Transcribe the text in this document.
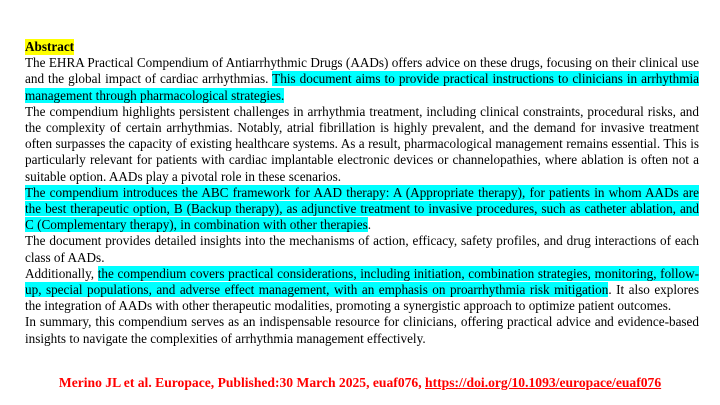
Abstract

The EHRA Practical Compendium of Antiarrhythmic Drugs (AADs) offers advice on these drugs, focusing on their clinical use and the global impact of cardiac arrhythmias. This document aims to provide practical instructions to clinicians in arrhythmia management through pharmacological strategies.

The compendium highlights persistent challenges in arrhythmia treatment, including clinical constraints, procedural risks, and the complexity of certain arrhythmias. Notably, atrial fibrillation is highly prevalent, and the demand for invasive treatment often surpasses the capacity of existing healthcare systems. As a result, pharmacological management remains essential. This is particularly relevant for patients with cardiac implantable electronic devices or channelopathies, where ablation is often not a suitable option. AADs play a pivotal role in these scenarios.

The compendium introduces the ABC framework for AAD therapy: A (Appropriate therapy), for patients in whom AADs are the best therapeutic option, B (Backup therapy), as adjunctive treatment to invasive procedures, such as catheter ablation, and C (Complementary therapy), in combination with other therapies.

The document provides detailed insights into the mechanisms of action, efficacy, safety profiles, and drug interactions of each class of AADs.

Additionally, the compendium covers practical considerations, including initiation, combination strategies, monitoring, follow-up, special populations, and adverse effect management, with an emphasis on proarrhythmia risk mitigation. It also explores the integration of AADs with other therapeutic modalities, promoting a synergistic approach to optimize patient outcomes.

In summary, this compendium serves as an indispensable resource for clinicians, offering practical advice and evidence-based insights to navigate the complexities of arrhythmia management effectively.

Merino JL et al. Europace, Published:30 March 2025, euaf076, https://doi.org/10.1093/europace/euaf076
